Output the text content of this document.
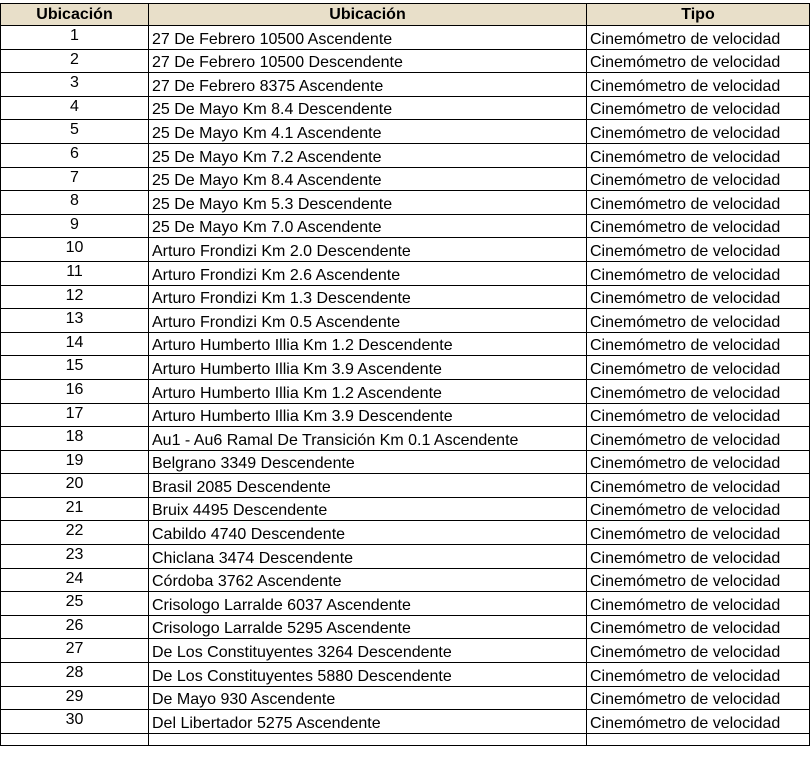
Ubicación	Ubicación	Tipo
1	27 De Febrero 10500 Ascendente	Cinemómetro de velocidad
2	27 De Febrero 10500 Descendente	Cinemómetro de velocidad
3	27 De Febrero 8375 Ascendente	Cinemómetro de velocidad
4	25 De Mayo Km 8.4 Descendente	Cinemómetro de velocidad
5	25 De Mayo Km 4.1 Ascendente	Cinemómetro de velocidad
6	25 De Mayo Km 7.2 Ascendente	Cinemómetro de velocidad
7	25 De Mayo Km 8.4 Ascendente	Cinemómetro de velocidad
8	25 De Mayo Km 5.3 Descendente	Cinemómetro de velocidad
9	25 De Mayo Km 7.0 Ascendente	Cinemómetro de velocidad
10	Arturo Frondizi Km 2.0 Descendente	Cinemómetro de velocidad
11	Arturo Frondizi Km 2.6 Ascendente	Cinemómetro de velocidad
12	Arturo Frondizi Km 1.3 Descendente	Cinemómetro de velocidad
13	Arturo Frondizi Km 0.5 Ascendente	Cinemómetro de velocidad
14	Arturo Humberto Illia Km 1.2 Descendente	Cinemómetro de velocidad
15	Arturo Humberto Illia Km 3.9 Ascendente	Cinemómetro de velocidad
16	Arturo Humberto Illia Km 1.2 Ascendente	Cinemómetro de velocidad
17	Arturo Humberto Illia Km 3.9 Descendente	Cinemómetro de velocidad
18	Au1 - Au6 Ramal De Transición Km 0.1 Ascendente	Cinemómetro de velocidad
19	Belgrano 3349 Descendente	Cinemómetro de velocidad
20	Brasil 2085 Descendente	Cinemómetro de velocidad
21	Bruix 4495 Descendente	Cinemómetro de velocidad
22	Cabildo 4740 Descendente	Cinemómetro de velocidad
23	Chiclana 3474 Descendente	Cinemómetro de velocidad
24	Córdoba 3762 Ascendente	Cinemómetro de velocidad
25	Crisologo Larralde 6037 Ascendente	Cinemómetro de velocidad
26	Crisologo Larralde 5295 Ascendente	Cinemómetro de velocidad
27	De Los Constituyentes 3264 Descendente	Cinemómetro de velocidad
28	De Los Constituyentes 5880 Descendente	Cinemómetro de velocidad
29	De Mayo 930 Ascendente	Cinemómetro de velocidad
30	Del Libertador 5275 Ascendente	Cinemómetro de velocidad
